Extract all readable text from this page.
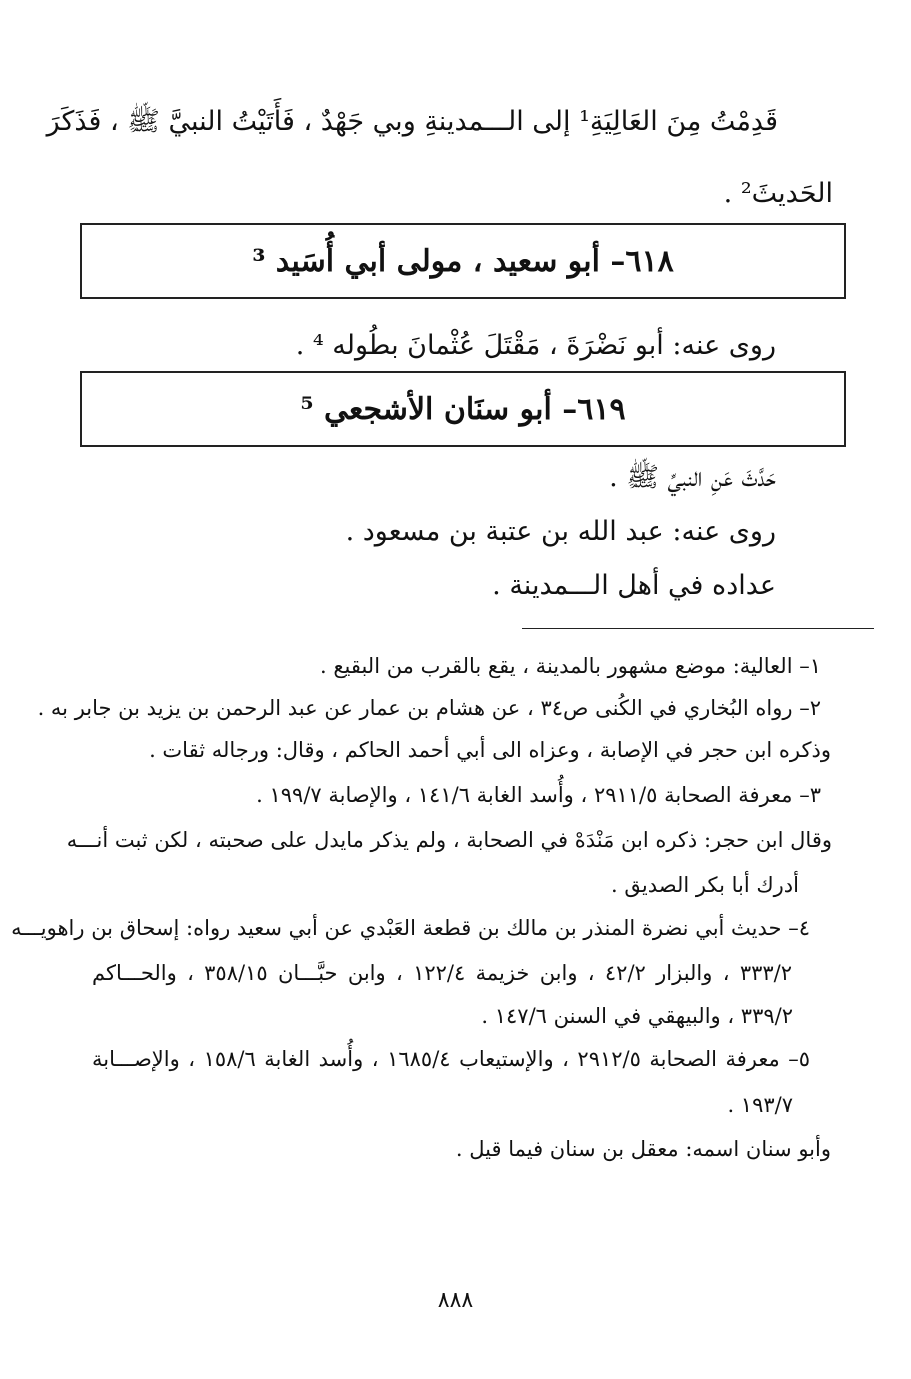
قَدِمْتُ مِنَ العَالِيَةِ¹ إلى الـــمدينةِ وبي جَهْدٌ ، فَأَتَيْتُ النبيَّ ﷺ ، فَذَكَرَ
الحَديثَ² .
٦١٨– أبو سعيد ، مولى أبي أُسَيد ³
روى عنه: أبو نَضْرَةَ ، مَقْتَلَ عُثْمانَ بطُوله ⁴ .
٦١٩– أبو سنَان الأشجعي ⁵
حَدَّثَ عَنِ النبيِّ ﷺ .
روى عنه: عبد الله بن عتبة بن مسعود .
عداده في أهل الـــمدينة .
١– العالية: موضع مشهور بالمدينة ، يقع بالقرب من البقيع .
٢– رواه البُخاري في الكُنى ص٣٤ ، عن هشام بن عمار عن عبد الرحمن بن يزيد بن جابر به .
وذكره ابن حجر في الإصابة ، وعزاه الى أبي أحمد الحاكم ، وقال: ورجاله ثقات .
٣– معرفة الصحابة ٢٩١١/٥ ، وأُسد الغابة ١٤١/٦ ، والإصابة ١٩٩/٧ .
وقال ابن حجر: ذكره ابن مَنْدَهْ في الصحابة ، ولم يذكر مايدل على صحبته ، لكن ثبت أنـــه
أدرك أبا بكر الصديق .
٤– حديث أبي نضرة المنذر بن مالك بن قطعة العَبْدي عن أبي سعيد رواه: إسحاق بن راهويـــه
٣٣٣/٢ ، والبزار ٤٢/٢ ، وابن خزيمة ١٢٢/٤ ، وابن حبَّـــان ٣٥٨/١٥ ، والحـــاكم
٣٣٩/٢ ، والبيهقي في السنن ١٤٧/٦ .
٥– معرفة الصحابة ٢٩١٢/٥ ، والإستيعاب ١٦٨٥/٤ ، وأُسد الغابة ١٥٨/٦ ، والإصـــابة
١٩٣/٧ .
وأبو سنان اسمه: معقل بن سنان فيما قيل .
٨٨٨
